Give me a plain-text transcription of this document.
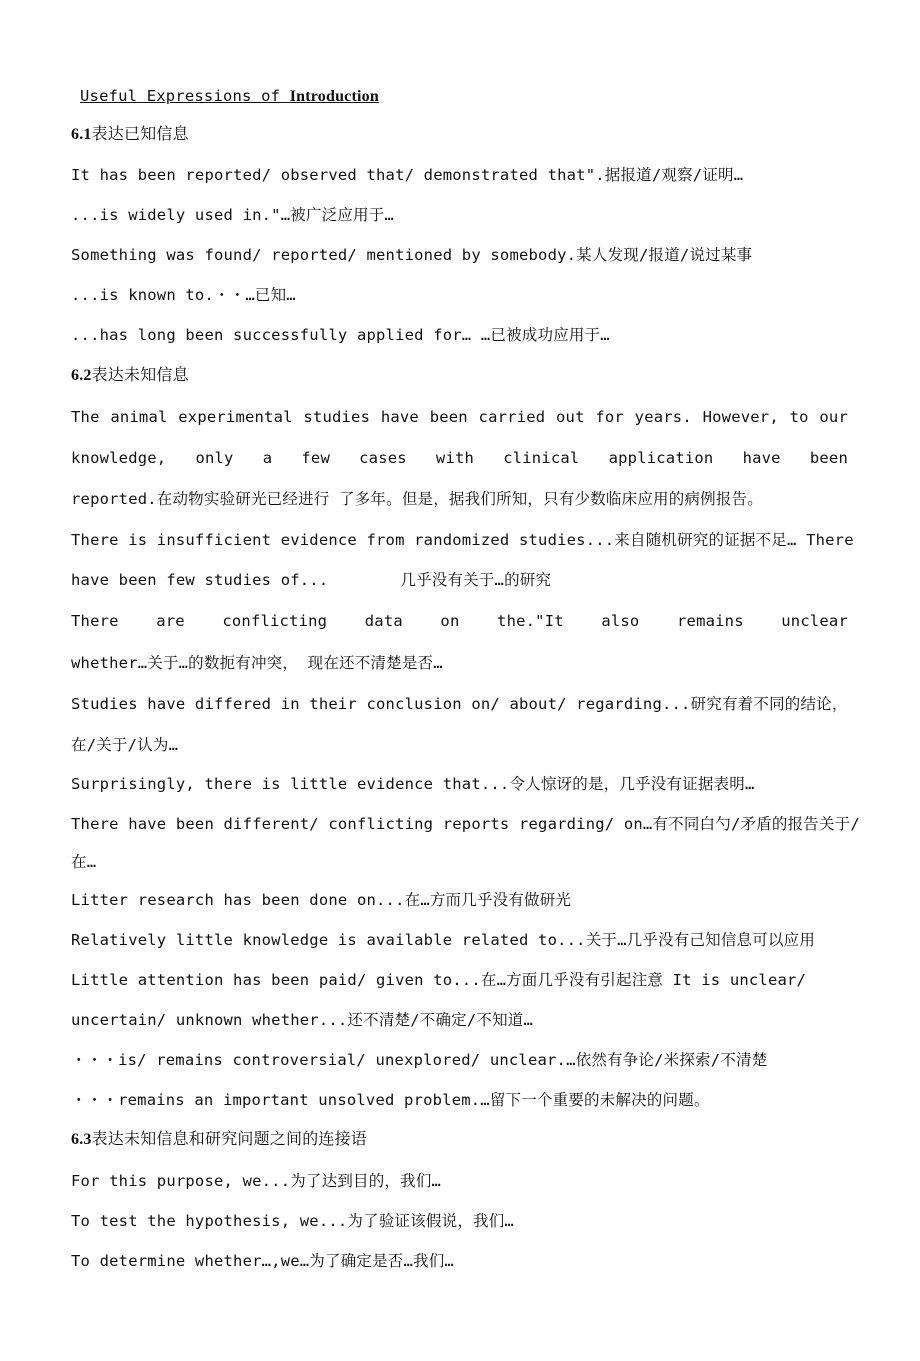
Useful Expressions of Introduction
6.1表达已知信息
It has been reported/ observed that/ demonstrated that".据报道/观察/证明…
...is widely used in."…被广泛应用于…
Something was found/ reported/ mentioned by somebody.某人发现/报道/说过某事
...is known to.・・…已知…
...has long been successfully applied for… …已被成功应用于…
6.2表达未知信息
The animal experimental studies have been carried out for years. However, to our
knowledge, only a few cases with clinical application have been
reported.在动物实验研光已经进行 了多年。但是，据我们所知，只有少数临床应用的病例报告。
There is insufficient evidence from randomized studies...来自随机研究的证据不足… There
have been few studies of...	几乎没有关于…的研究
There are conflicting data on the."It also remains unclear
whether…关于…的数扼有冲突， 现在还不清楚是否…
Studies have differed in their conclusion on/ about/ regarding...研究有着不同的结论，
在/关于/认为…
Surprisingly, there is little evidence that...令人惊讶的是，几乎没有证据表明…
There have been different/ conflicting reports regarding/ on…有不同白勺/矛盾的报告关于/
在…
Litter research has been done on...在…方而几乎没有做研光
Relatively little knowledge is available related to...关于…几乎没有己知信息可以应用
Little attention has been paid/ given to...在…方面几乎没有引起注意 It is unclear/
uncertain/ unknown whether...还不清楚/不确定/不知道…
・・・is/ remains controversial/ unexplored/ unclear.…依然有争论/米探索/不清楚
・・・remains an important unsolved problem.…留下一个重要的未解决的问题。
6.3表达未知信息和研究问题之间的连接语
For this purpose, we...为了达到目的，我们…
To test the hypothesis, we...为了验证该假说，我们…
To determine whether…,we…为了确定是否…我们…
